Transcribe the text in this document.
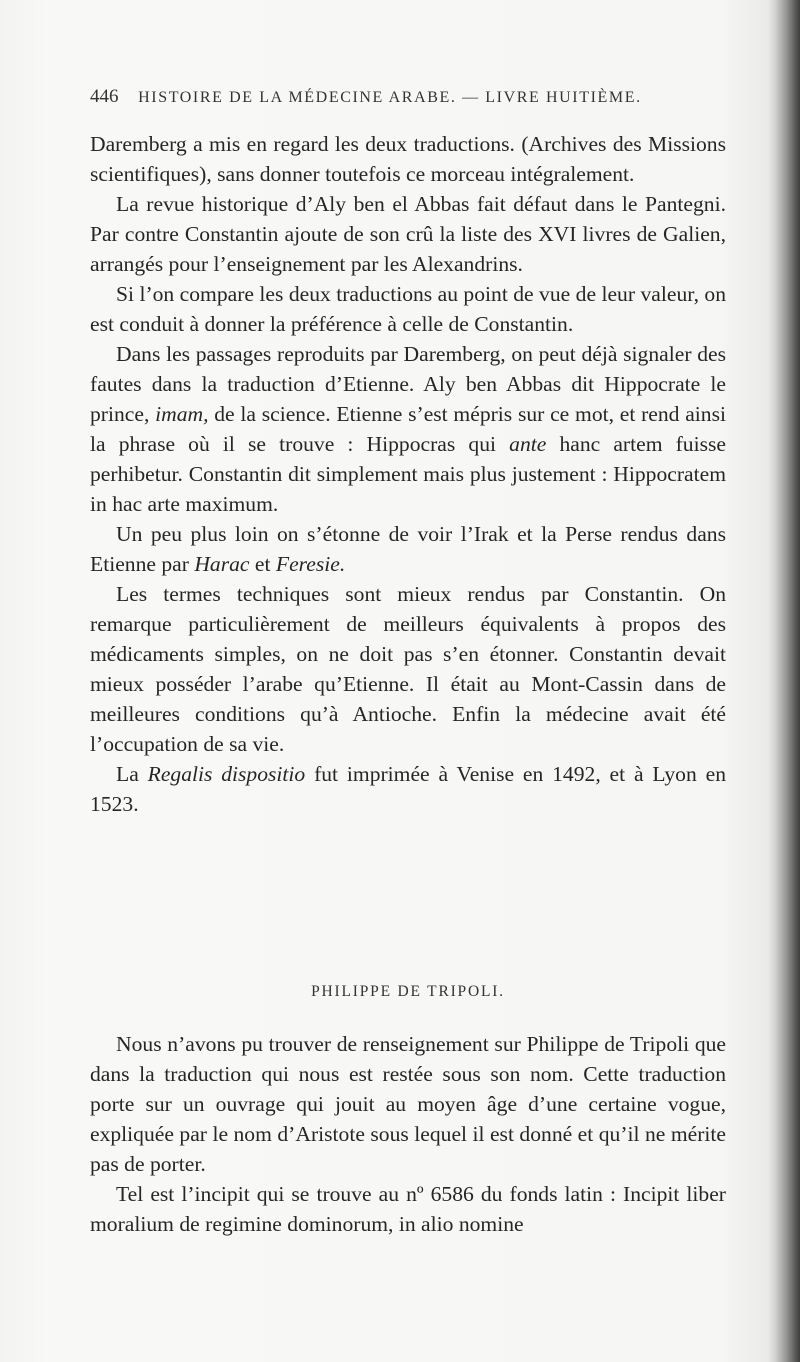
446 HISTOIRE DE LA MÉDECINE ARABE. — LIVRE HUITIÈME.

Daremberg a mis en regard les deux traductions. (Archives des Missions scientifiques), sans donner toutefois ce morceau intégralement.

La revue historique d’Aly ben el Abbas fait défaut dans le Pantegni. Par contre Constantin ajoute de son crû la liste des XVI livres de Galien, arrangés pour l’enseignement par les Alexandrins.

Si l’on compare les deux traductions au point de vue de leur valeur, on est conduit à donner la préférence à celle de Constantin.

Dans les passages reproduits par Daremberg, on peut déjà signaler des fautes dans la traduction d’Etienne. Aly ben Abbas dit Hippocrate le prince, imam, de la science. Etienne s’est mépris sur ce mot, et rend ainsi la phrase où il se trouve : Hippocras qui ante hanc artem fuisse perhibetur. Constantin dit simplement mais plus justement : Hippocratem in hac arte maximum.

Un peu plus loin on s’étonne de voir l’Irak et la Perse rendus dans Etienne par Harac et Feresie.

Les termes techniques sont mieux rendus par Constantin. On remarque particulièrement de meilleurs équivalents à propos des médicaments simples, on ne doit pas s’en étonner. Constantin devait mieux posséder l’arabe qu’Etienne. Il était au Mont-Cassin dans de meilleures conditions qu’à Antioche. Enfin la médecine avait été l’occupation de sa vie.

La Regalis dispositio fut imprimée à Venise en 1492, et à Lyon en 1523.

PHILIPPE DE TRIPOLI.

Nous n’avons pu trouver de renseignement sur Philippe de Tripoli que dans la traduction qui nous est restée sous son nom. Cette traduction porte sur un ouvrage qui jouit au moyen âge d’une certaine vogue, expliquée par le nom d’Aristote sous lequel il est donné et qu’il ne mérite pas de porter.

Tel est l’incipit qui se trouve au nº 6586 du fonds latin : Incipit liber moralium de regimine dominorum, in alio nomine
